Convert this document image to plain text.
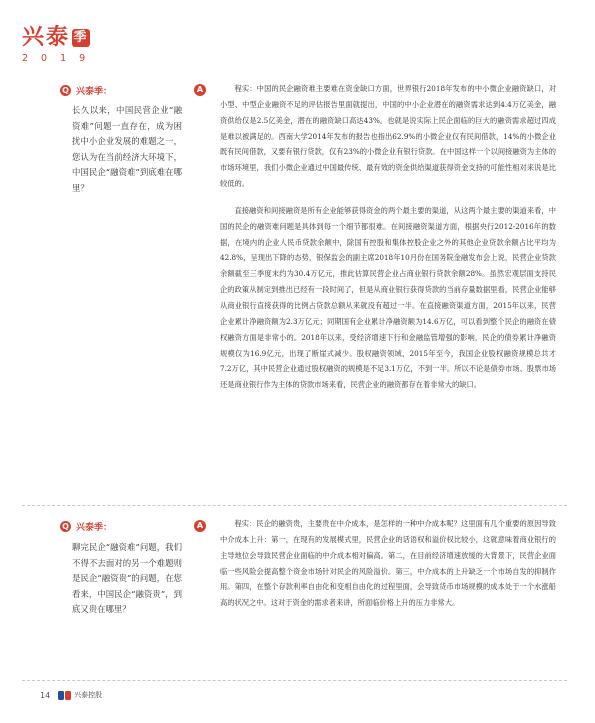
兴泰 季
2019
Q 兴泰季：
长久以来，中国民营企业“融资难”问题一直存在，成为困扰中小企业发展的难题之一，您认为在当前经济大环境下，中国民企“融资难”到底难在哪里？
A	程实：中国的民企融资难主要难在资金缺口方面，世界银行2018年发布的中小微企业融资缺口，对小型、中型企业融资不足的评估报告里面就提出，中国的中小企业潜在的融资需求达到4.4万亿美金，融资供给仅是2.5亿美金，潜在的融资缺口高达43%。也就是说实际上民企面临的巨大的融资需求超过四成是难以被满足的。西南大学2014年发布的报告也指出62.9%的小微企业仅有民间借款，14%的小微企业既有民间借款，又要有银行贷款，仅有23%的小微企业有银行贷款。在中国这样一个以间接融资为主体的市场环境里，我们小微企业通过中国最传统、最有效的资金供给渠道获得资金支持的可能性相对来说是比较低的。

直接融资和间接融资是所有企业能够获得资金的两个最主要的渠道，从这两个最主要的渠道来看，中国的民企的融资难问题是具体到每一个细节都很难。在间接融资渠道方面，根据央行2012-2016年的数据，在境内的企业人民币贷款余额中，除国有控股和集体控股企业之外的其他企业贷款余额占比平均为42.8%，呈现出下降的态势，银保监会的副主席2018年10月份在国务院金融发布会上说，民营企业贷款余额截至三季度末约为30.4万亿元，推此估算民营企业占商业银行贷款余额28%。虽然宏观层面支持民企的政策从制定到推出已经有一段时间了，但是从商业银行获得贷款的当前存量数据里看，民营企业能够从商业银行直接获得的比例占贷款总额从来就没有超过一半。在直接融资渠道方面，2015年以来，民营企业累计净融资额为2.3万亿元；同期国有企业累计净融资额为14.6万亿，可以看到整个民企的融资在债权融资方面是非常小的。2018年以来，受经济增速下行和金融监管增强的影响，民企的债券累计净融资规模仅为16.9亿元，出现了断崖式减少。股权融资领域，2015年至今，我国企业股权融资规模总共才7.2万亿，其中民营企业通过股权融资的规模是不足3.1万亿，不到一半。所以不论是债券市场、股票市场还是商业银行作为主体的贷款市场来看，民营企业的融资都存在着非常大的缺口。

Q 兴泰季：
聊完民企“融资难”问题，我们不得不去面对的另一个难题则是民企“融资贵”的问题，在您看来，中国民企“融资贵”，到底又贵在哪里？
A	程实：民企的融资贵，主要贵在中介成本，是怎样的一种中介成本呢？这里面有几个重要的原因导致中介成本上升：第一，在现有的发展模式里，民营企业的话语权和溢价权比较小，这就意味着商业银行的主导地位会导致民营企业面临的中介成本相对偏高。第二，在目前经济增速放缓的大背景下，民营企业面临一些风险会提高整个资金市场针对民企的风险溢价。第三，中介成本的上升缺乏一个市场自发的抑制作用。第四，在整个存款利率自由化和变相自由化的过程里面，会导致货币市场规模的成本处于一个水涨船高的状况之中。这对于资金的需求者来讲，所面临价格上升的压力非常大。

14	兴泰控股
